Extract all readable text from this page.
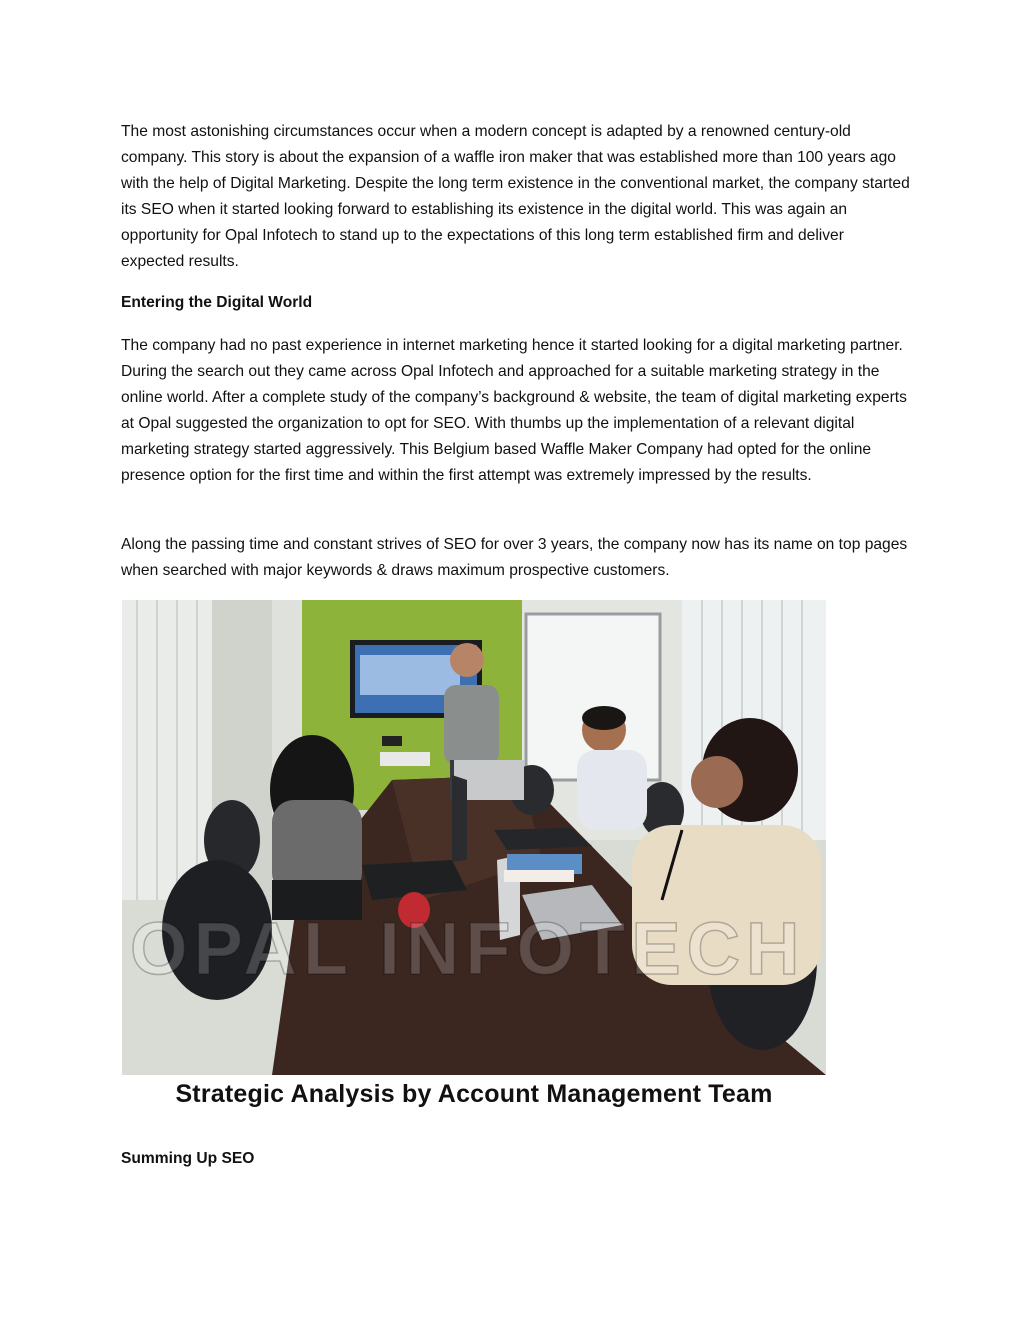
The most astonishing circumstances occur when a modern concept is adapted by a renowned century-old company. This story is about the expansion of a waffle iron maker that was established more than 100 years ago with the help of Digital Marketing. Despite the long term existence in the conventional market, the company started its SEO when it started looking forward to establishing its existence in the digital world. This was again an opportunity for Opal Infotech to stand up to the expectations of this long term established firm and deliver expected results.

Entering the Digital World

The company had no past experience in internet marketing hence it started looking for a digital marketing partner. During the search out they came across Opal Infotech and approached for a suitable marketing strategy in the online world. After a complete study of the company’s background & website, the team of digital marketing experts at Opal suggested the organization to opt for SEO. With thumbs up the implementation of a relevant digital marketing strategy started aggressively. This Belgium based Waffle Maker Company had opted for the online presence option for the first time and within the first attempt was extremely impressed by the results.

Along the passing time and constant strives of SEO for over 3 years, the company now has its name on top pages when searched with major keywords & draws maximum prospective customers.

OPAL INFOTECH

Strategic Analysis by Account Management Team

Summing Up SEO
